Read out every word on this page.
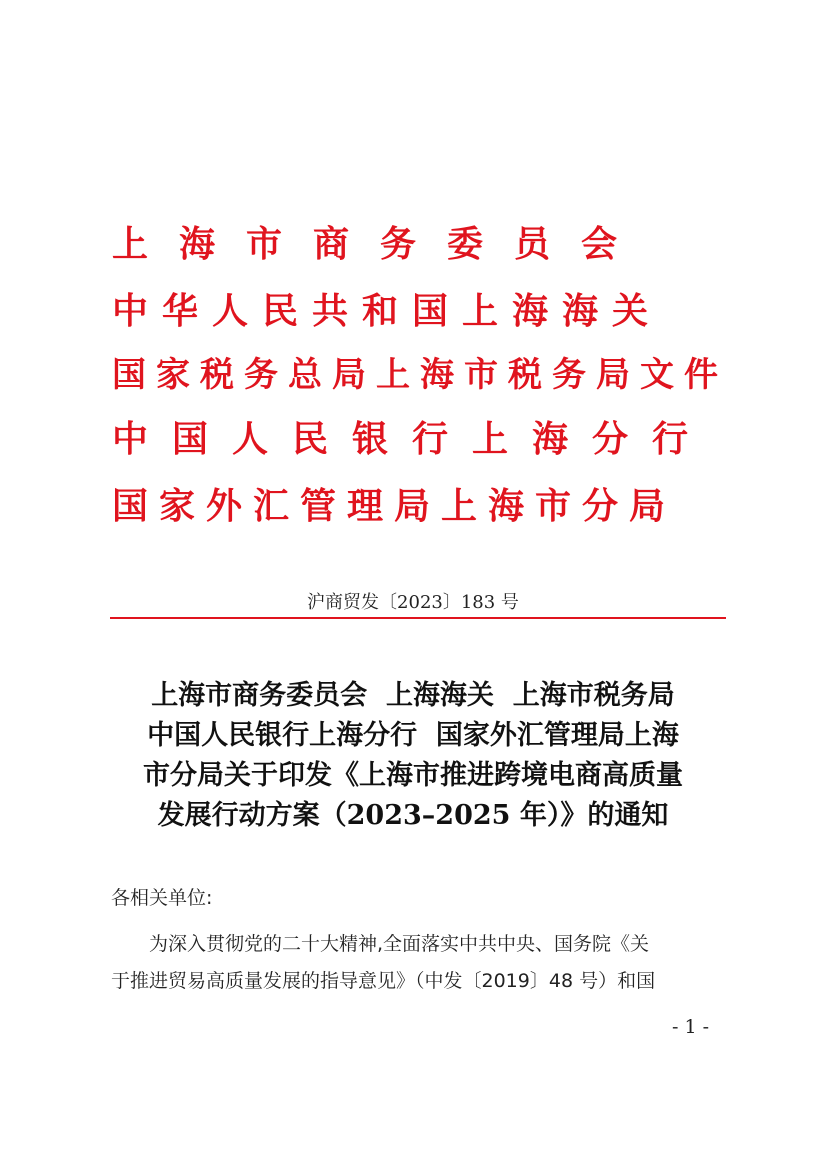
上海市商务委员会
中华人民共和国上海海关
国家税务总局上海市税务局文件
中国人民银行上海分行
国家外汇管理局上海市分局
沪商贸发〔2023〕183 号
上海市商务委员会  上海海关  上海市税务局
中国人民银行上海分行  国家外汇管理局上海
市分局关于印发《上海市推进跨境电商高质量
发展行动方案（2023–2025 年）》的通知
各相关单位:
为深入贯彻党的二十大精神,全面落实中共中央、国务院《关
于推进贸易高质量发展的指导意见》（中发〔2019〕48 号）和国
- 1 -
